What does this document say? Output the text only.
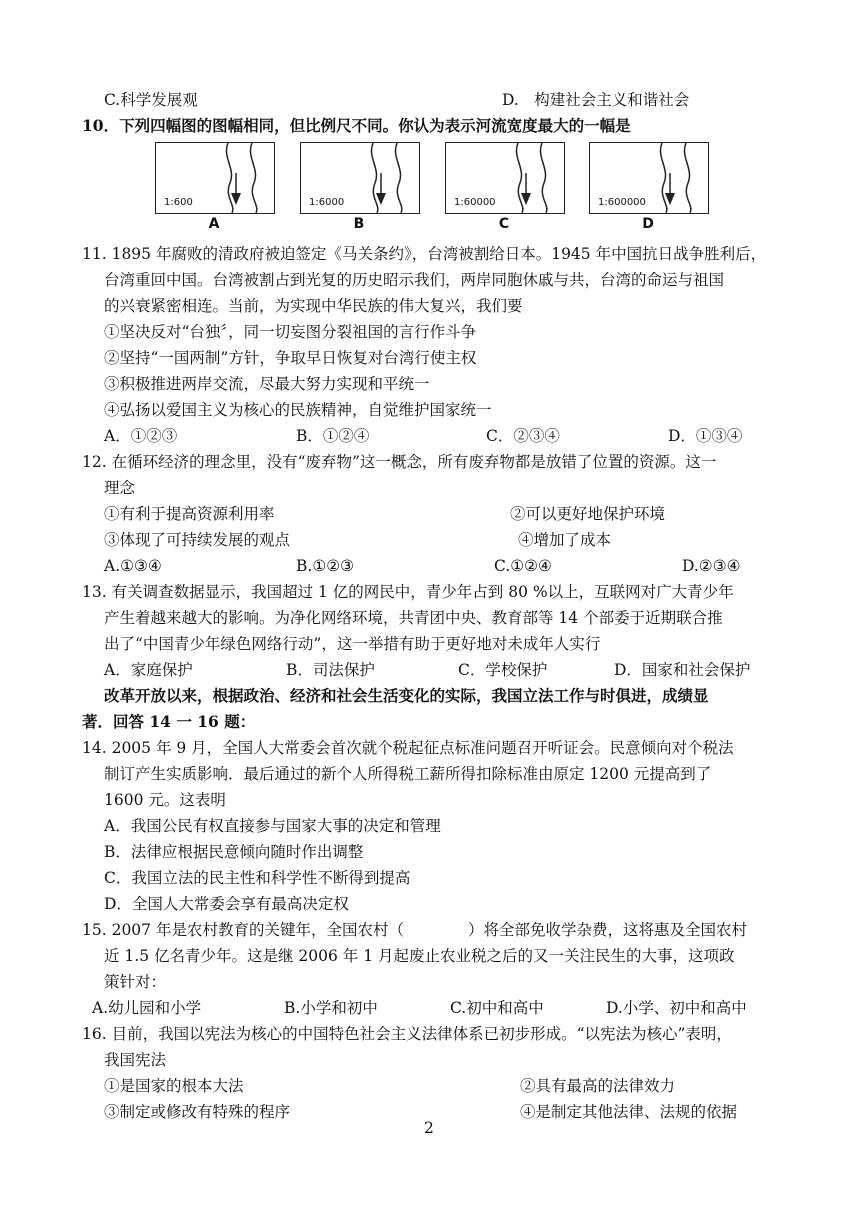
C.科学发展观	D.　构建社会主义和谐社会
10．下列四幅图的图幅相同，但比例尺不同。你认为表示河流宽度最大的一幅是
1:600
A
1:6000
B
1:60000
C
1:600000
D
11. 1895 年腐败的清政府被迫签定《马关条约》，台湾被割给日本。1945 年中国抗日战争胜利后，
台湾重回中国。台湾被割占到光复的历史昭示我们，两岸同胞休戚与共，台湾的命运与祖国
的兴衰紧密相连。当前，为实现中华民族的伟大复兴，我们要
①坚决反对“台独〞，同一切妄图分裂祖国的言行作斗争
②坚持“一国两制”方针，争取早日恢复对台湾行使主权
③积极推进两岸交流，尽最大努力实现和平统一
④弘扬以爱国主义为核心的民族精神，自觉维护国家统一
A．①②③	B．①②④	C．②③④	D．①③④
12. 在循环经济的理念里，没有“废弃物”这一概念，所有废弃物都是放错了位置的资源。这一
理念
①有利于提高资源利用率	②可以更好地保护环境
③体现了可持续发展的观点	④增加了成本
A.①③④	B.①②③	C.①②④	D.②③④
13. 有关调查数据显示，我国超过 1 亿的网民中，青少年占到 80 %以上，互联网对广大青少年
产生着越来越大的影响。为净化网络环境，共青团中央、教育部等 14 个部委于近期联合推
出了“中国青少年绿色网络行动”，这一举措有助于更好地对未成年人实行
A．家庭保护	B．司法保护	C．学校保护	D．国家和社会保护
改革开放以来，根据政治、经济和社会生活变化的实际，我国立法工作与时俱进，成绩显
著．回答 14 一 16 题：
14. 2005 年 9 月，全国人大常委会首次就个税起征点标准问题召开听证会。民意倾向对个税法
制订产生实质影响．最后通过的新个人所得税工薪所得扣除标准由原定 1200 元提高到了
1600 元。这表明
A．我国公民有权直接参与国家大事的决定和管理
B．法律应根据民意倾向随时作出调整
C．我国立法的民主性和科学性不断得到提高
D．全国人大常委会享有最高决定权
15. 2007 年是农村教育的关键年，全国农村（	）将全部免收学杂费，这将惠及全国农村
近 1.5 亿名青少年。这是继 2006 年 1 月起废止农业税之后的又一关注民生的大事，这项政
策针对：
A.幼儿园和小学	B.小学和初中	C.初中和高中	D.小学、初中和高中
16. 目前，我国以宪法为核心的中国特色社会主义法律体系已初步形成。“以宪法为核心”表明，
我国宪法
①是国家的根本大法	②具有最高的法律效力
③制定或修改有特殊的程序	④是制定其他法律、法规的依据
2
